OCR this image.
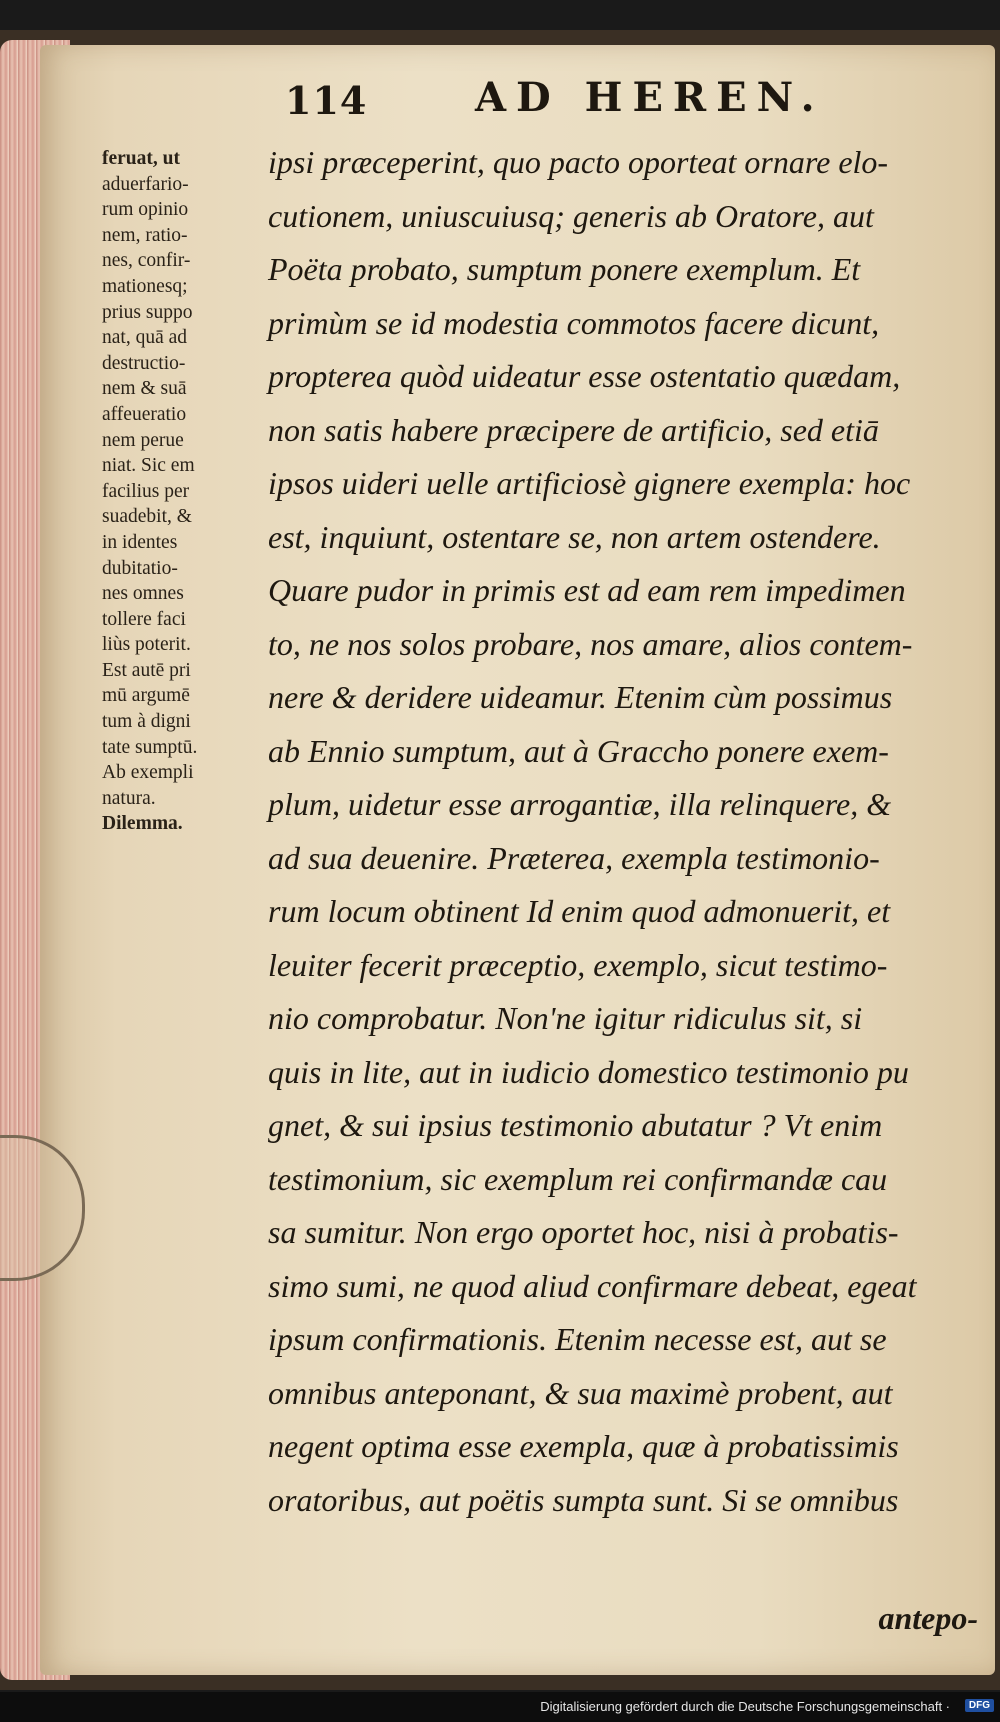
114	AD HEREN.
feruat, ut
aduerfario-
rum opinio
nem, ratio-
nes, confir-
mationesq;
prius suppo
nat, quā ad
destructio-
nem & suā
affeueratio
nem perue
niat. Sic em
facilius per
suadebit, &
in identes
dubitatio-
nes omnes
tollere faci
liùs poterit.
Est autē pri
mū argumē
tum à digni
tate sumptū.
Ab exempli
natura.
Dilemma.
ipsi præceperint, quo pacto oporteat ornare elo-
cutionem, uniuscuiusq; generis ab Oratore, aut
Poëta probato, sumptum ponere exemplum. Et
primùm se id modestia commotos facere dicunt,
propterea quòd uideatur esse ostentatio quædam,
non satis habere præcipere de artificio, sed etiā
ipsos uideri uelle artificiosè gignere exempla: hoc
est, inquiunt, ostentare se, non artem ostendere.
Quare pudor in primis est ad eam rem impedimen
to, ne nos solos probare, nos amare, alios contem-
nere & deridere uideamur. Etenim cùm possimus
ab Ennio sumptum, aut à Graccho ponere exem-
plum, uidetur esse arrogantiæ, illa relinquere, &
ad sua deuenire. Præterea, exempla testimonio-
rum locum obtinent Id enim quod admonuerit, et
leuiter fecerit præceptio, exemplo, sicut testimo-
nio comprobatur. Non'ne igitur ridiculus sit, si
quis in lite, aut in iudicio domestico testimonio pu
gnet, & sui ipsius testimonio abutatur ? Vt enim
testimonium, sic exemplum rei confirmandæ cau
sa sumitur. Non ergo oportet hoc, nisi à probatis-
simo sumi, ne quod aliud confirmare debeat, egeat
ipsum confirmationis. Etenim necesse est, aut se
omnibus anteponant, & sua maximè probent, aut
negent optima esse exempla, quæ à probatissimis
oratoribus, aut poëtis sumpta sunt. Si se omnibus
antepo-
Digitalisierung gefördert durch die Deutsche Forschungsgemeinschaft ·	DFG
